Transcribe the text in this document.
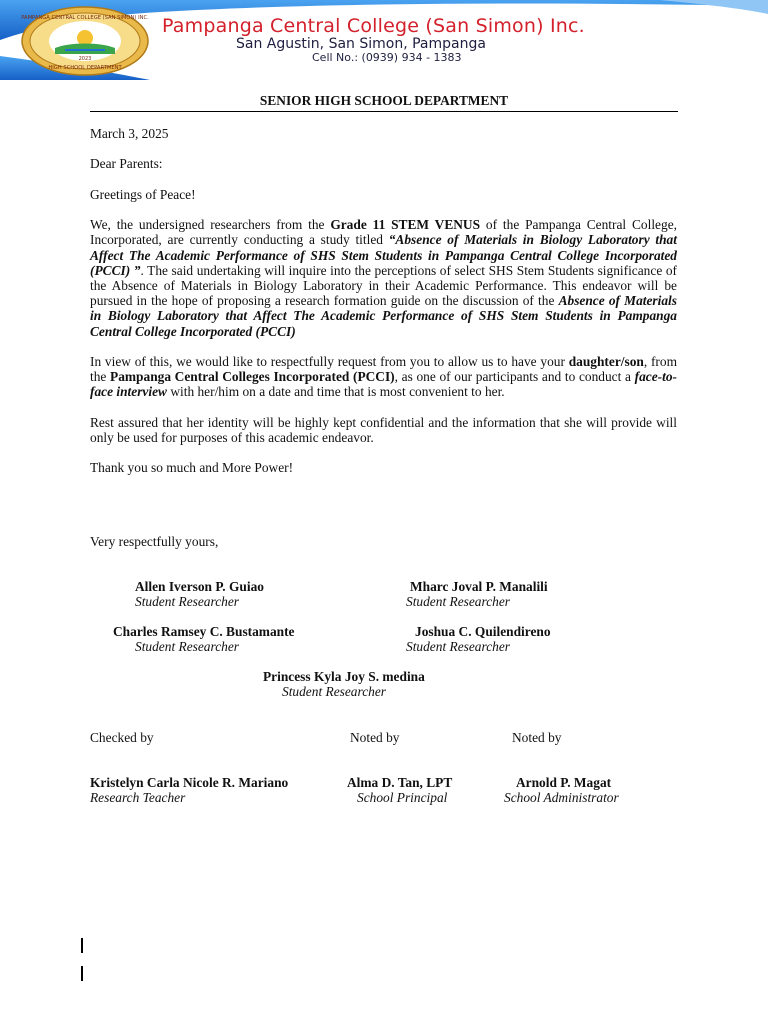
PAMPANGA CENTRAL COLLEGE (SAN SIMON) INC.
HIGH SCHOOL DEPARTMENT
2023
Pampanga Central College (San Simon) Inc.
San Agustin, San Simon, Pampanga
Cell No.: (0939) 934 - 1383
SENIOR HIGH SCHOOL DEPARTMENT

March 3, 2025

Dear Parents:

Greetings of Peace!

We, the undersigned researchers from the Grade 11 STEM VENUS of the Pampanga Central College, Incorporated, are currently conducting a study titled “Absence of Materials in Biology Laboratory that Affect The Academic Performance of SHS Stem Students in Pampanga Central College Incorporated (PCCI) ”. The said undertaking will inquire into the perceptions of select SHS Stem Students significance of the Absence of Materials in Biology Laboratory in their Academic Performance. This endeavor will be pursued in the hope of proposing a research formation guide on the discussion of the Absence of Materials in Biology Laboratory that Affect The Academic Performance of SHS Stem Students in Pampanga Central College Incorporated (PCCI)

In view of this, we would like to respectfully request from you to allow us to have your daughter/son, from the Pampanga Central Colleges Incorporated (PCCI), as one of our participants and to conduct a face-to-face interview with her/him on a date and time that is most convenient to her.

Rest assured that her identity will be highly kept confidential and the information that she will provide will only be used for purposes of this academic endeavor.

Thank you so much and More Power!

Very respectfully yours,
Allen Iverson P. Guiao
Student Researcher
Mharc Joval P. Manalili
Student Researcher
Charles Ramsey C. Bustamante
Student Researcher
Joshua C. Quilendireno
Student Researcher
Princess Kyla Joy S. medina
Student Researcher
Checked by	Noted by	Noted by
Kristelyn Carla Nicole R. Mariano
Research Teacher
Alma D. Tan, LPT
School Principal
Arnold P. Magat
School Administrator
